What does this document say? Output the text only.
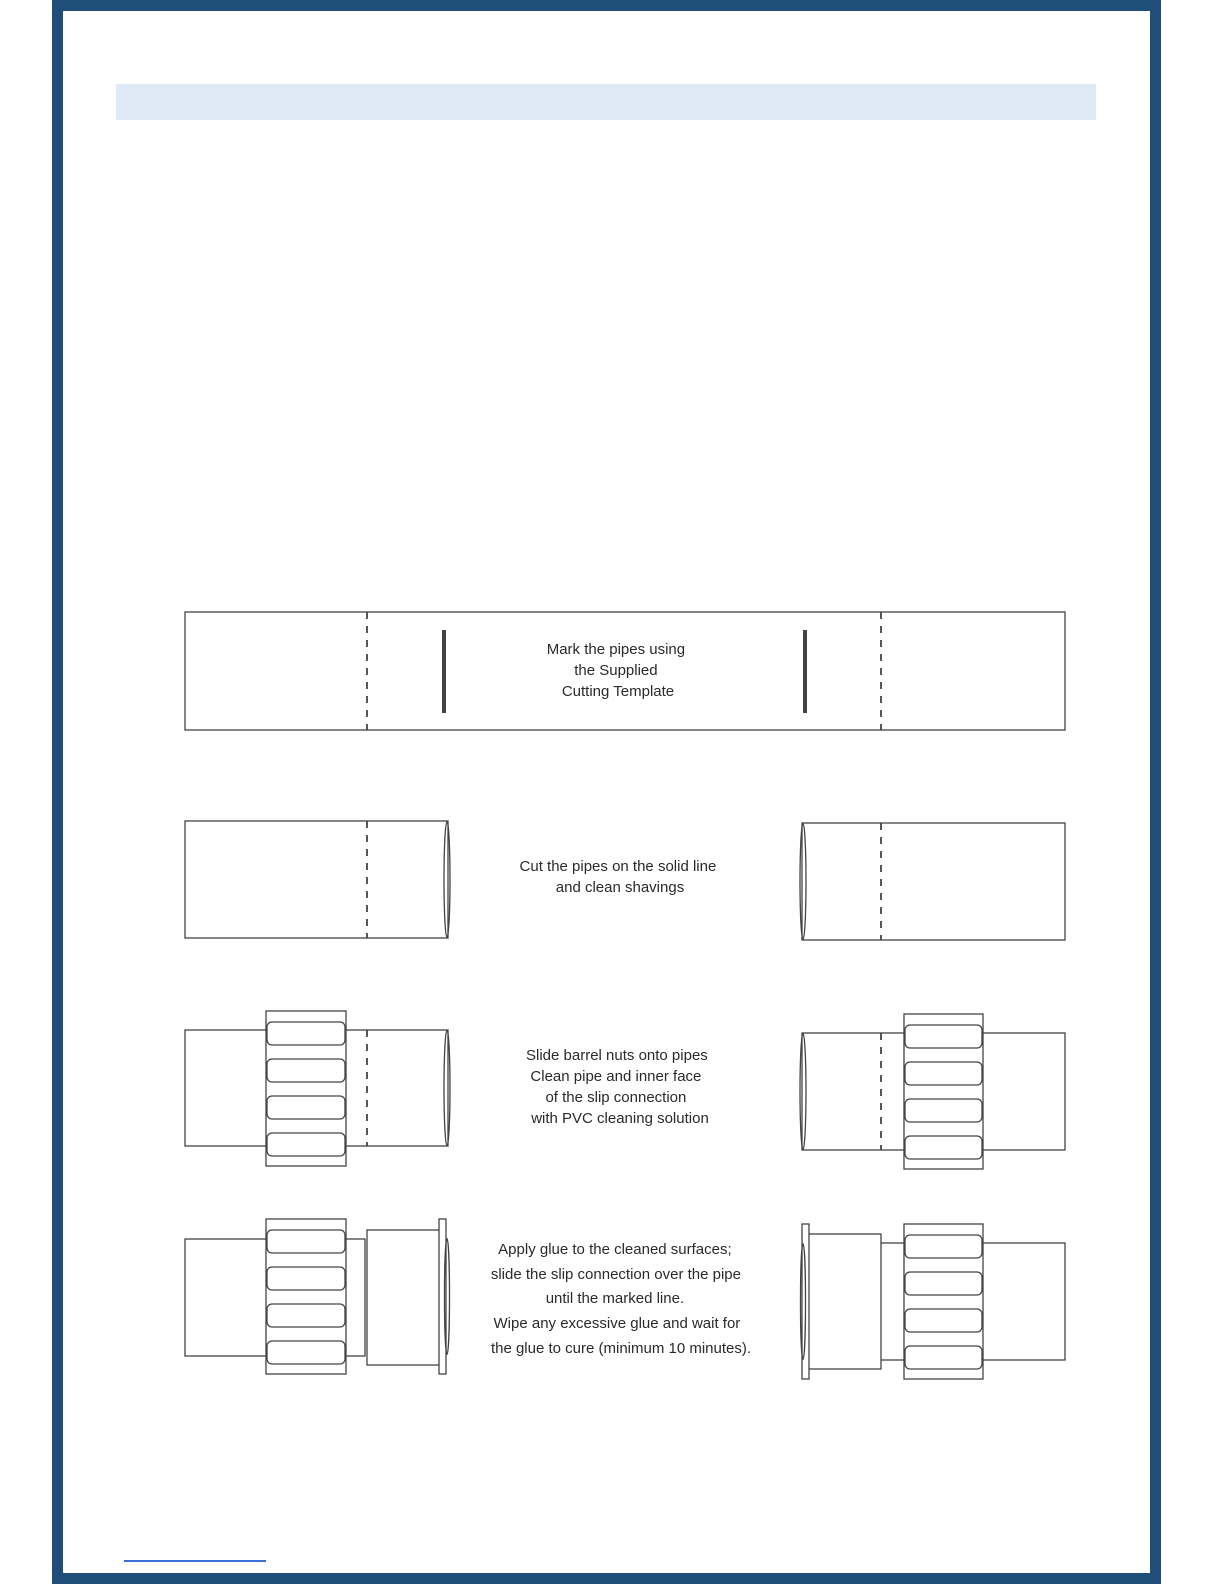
Mark the pipes using the Supplied Cutting Template
Cut the pipes on the solid line and clean shavings
Slide barrel nuts onto pipes Clean pipe and inner face of the slip connection with PVC cleaning solution
Apply glue to the cleaned surfaces; slide the slip connection over the pipe until the marked line. Wipe any excessive glue and wait for the glue to cure (minimum 10 minutes).
